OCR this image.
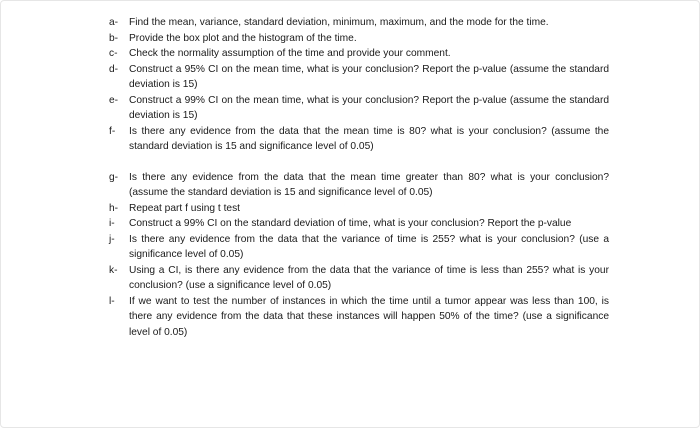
a-	Find the mean, variance, standard deviation, minimum, maximum, and the mode for the time.
b-	Provide the box plot and the histogram of the time.
c-	Check the normality assumption of the time and provide your comment.
d-	Construct a 95% CI on the mean time, what is your conclusion? Report the p-value (assume the standard deviation is 15)
e-	Construct a 99% CI on the mean time, what is your conclusion? Report the p-value (assume the standard deviation is 15)
f-	Is there any evidence from the data that the mean time is 80? what is your conclusion? (assume the standard deviation is 15 and significance level of 0.05)
g-	Is there any evidence from the data that the mean time greater than 80? what is your conclusion? (assume the standard deviation is 15 and significance level of 0.05)
h-	Repeat part f using t test
i-	Construct a 99% CI on the standard deviation of time, what is your conclusion? Report the p-value
j-	Is there any evidence from the data that the variance of time is 255? what is your conclusion? (use a significance level of 0.05)
k-	Using a CI, is there any evidence from the data that the variance of time is less than 255? what is your conclusion? (use a significance level of 0.05)
l-	If we want to test the number of instances in which the time until a tumor appear was less than 100, is there any evidence from the data that these instances will happen 50% of the time? (use a significance level of 0.05)
